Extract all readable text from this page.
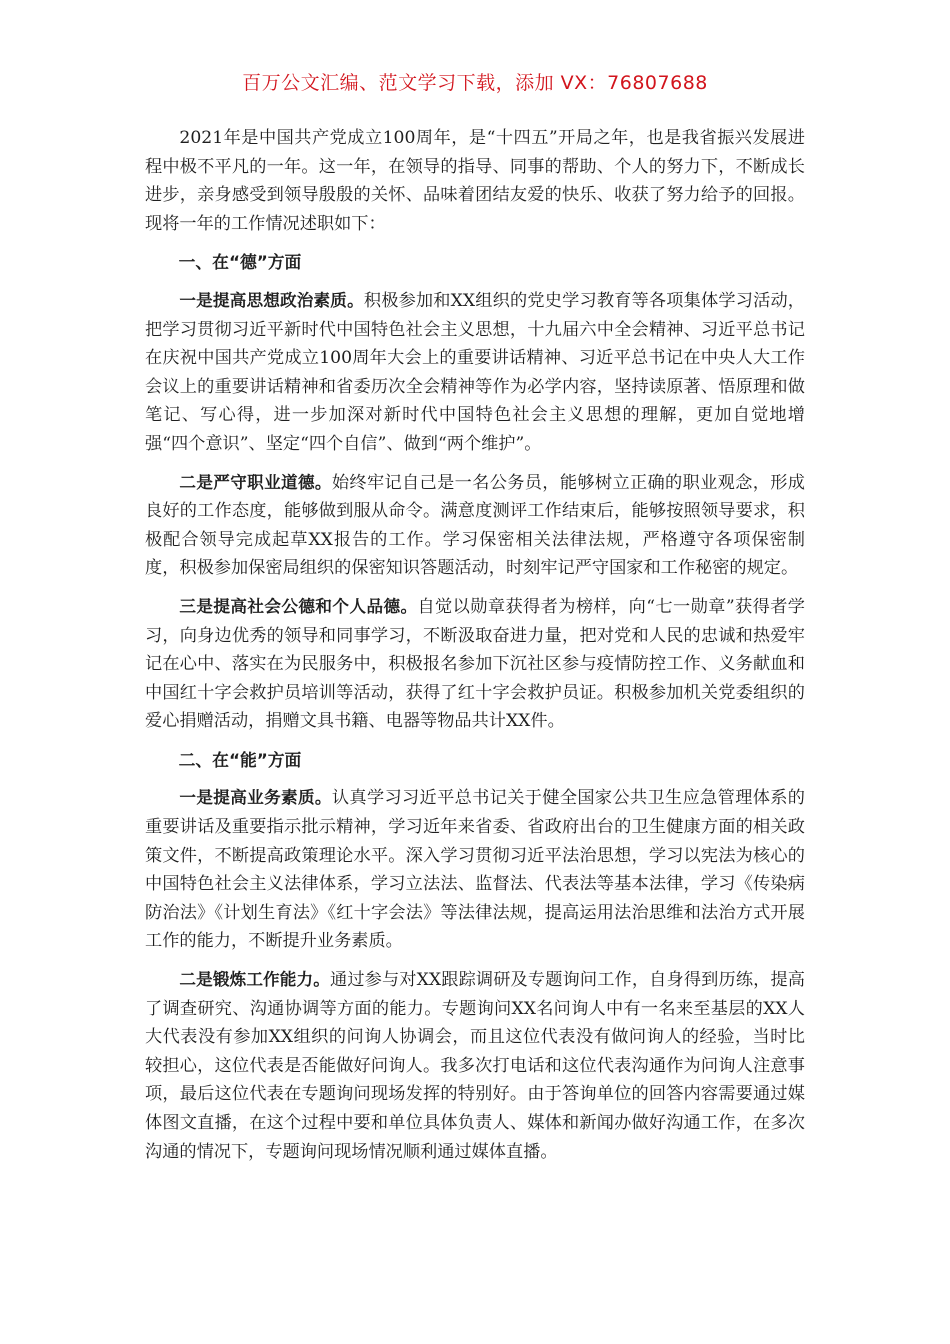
百万公文汇编、范文学习下载，添加 VX：76807688

2021年是中国共产党成立100周年，是“十四五”开局之年，也是我省振兴发展进程中极不平凡的一年。这一年，在领导的指导、同事的帮助、个人的努力下，不断成长进步，亲身感受到领导殷殷的关怀、品味着团结友爱的快乐、收获了努力给予的回报。现将一年的工作情况述职如下：

一、在“德”方面

一是提高思想政治素质。积极参加和XX组织的党史学习教育等各项集体学习活动，把学习贯彻习近平新时代中国特色社会主义思想，十九届六中全会精神、习近平总书记在庆祝中国共产党成立100周年大会上的重要讲话精神、习近平总书记在中央人大工作会议上的重要讲话精神和省委历次全会精神等作为必学内容，坚持读原著、悟原理和做笔记、写心得，进一步加深对新时代中国特色社会主义思想的理解，更加自觉地增强“四个意识”、坚定“四个自信”、做到“两个维护”。

二是严守职业道德。始终牢记自己是一名公务员，能够树立正确的职业观念，形成良好的工作态度，能够做到服从命令。满意度测评工作结束后，能够按照领导要求，积极配合领导完成起草XX报告的工作。学习保密相关法律法规，严格遵守各项保密制度，积极参加保密局组织的保密知识答题活动，时刻牢记严守国家和工作秘密的规定。

三是提高社会公德和个人品德。自觉以勋章获得者为榜样，向“七一勋章”获得者学习，向身边优秀的领导和同事学习，不断汲取奋进力量，把对党和人民的忠诚和热爱牢记在心中、落实在为民服务中，积极报名参加下沉社区参与疫情防控工作、义务献血和中国红十字会救护员培训等活动，获得了红十字会救护员证。积极参加机关党委组织的爱心捐赠活动，捐赠文具书籍、电器等物品共计XX件。

二、在“能”方面

一是提高业务素质。认真学习习近平总书记关于健全国家公共卫生应急管理体系的重要讲话及重要指示批示精神，学习近年来省委、省政府出台的卫生健康方面的相关政策文件，不断提高政策理论水平。深入学习贯彻习近平法治思想，学习以宪法为核心的中国特色社会主义法律体系，学习立法法、监督法、代表法等基本法律，学习《传染病防治法》《计划生育法》《红十字会法》等法律法规，提高运用法治思维和法治方式开展工作的能力，不断提升业务素质。

二是锻炼工作能力。通过参与对XX跟踪调研及专题询问工作，自身得到历练，提高了调查研究、沟通协调等方面的能力。专题询问XX名问询人中有一名来至基层的XX人大代表没有参加XX组织的问询人协调会，而且这位代表没有做问询人的经验，当时比较担心，这位代表是否能做好问询人。我多次打电话和这位代表沟通作为问询人注意事项，最后这位代表在专题询问现场发挥的特别好。由于答询单位的回答内容需要通过媒体图文直播，在这个过程中要和单位具体负责人、媒体和新闻办做好沟通工作，在多次沟通的情况下，专题询问现场情况顺利通过媒体直播。
